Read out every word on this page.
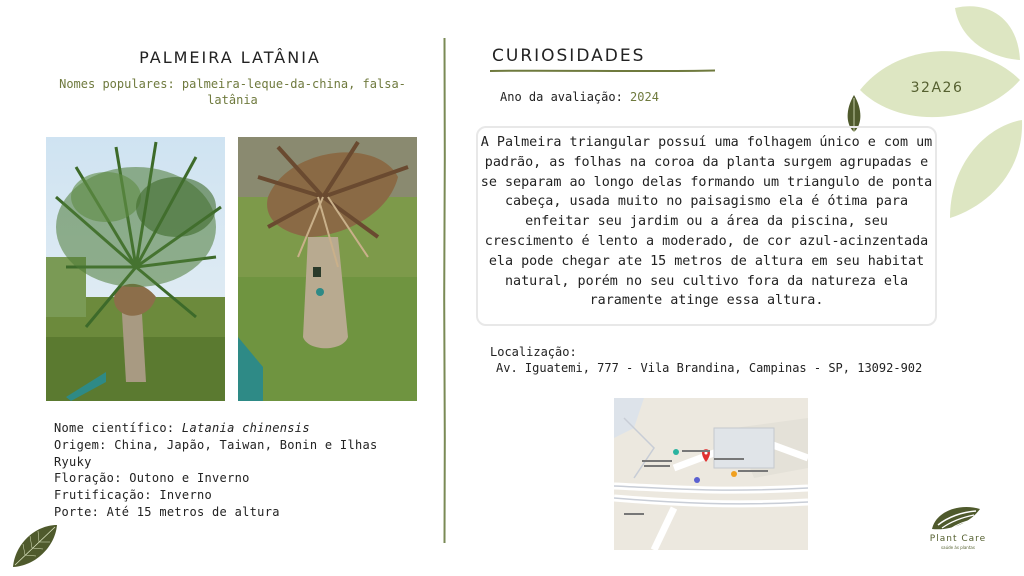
PALMEIRA LATÂNIA
Nomes populares: palmeira-leque-da-china, falsa-latânia
Nome científico: Latania chinensis
Origem: China, Japão, Taiwan, Bonin e Ilhas
Ryuky
Floração: Outono e Inverno
Frutificação: Inverno
Porte: Até 15 metros de altura
CURIOSIDADES
Ano da avaliação: 2024
A Palmeira triangular possuí uma folhagem único e com um padrão, as folhas na coroa da planta surgem agrupadas e se separam ao longo delas formando um triangulo de ponta cabeça, usada muito no paisagismo ela é ótima para enfeitar seu jardim ou a área da piscina, seu crescimento é lento a moderado, de cor azul-acinzentada ela pode chegar ate 15 metros de altura em seu habitat natural, porém no seu cultivo fora da natureza ela raramente atinge essa altura.
Localização:
Av. Iguatemi, 777 - Vila Brandina, Campinas - SP, 13092-902
32A26
Plant Care
saúde às plantas
